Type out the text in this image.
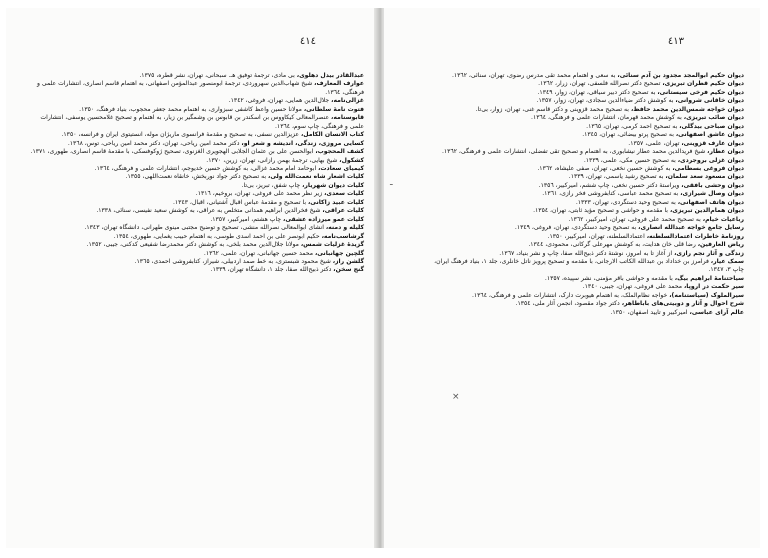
٤١٤

عبدالقادر بیدل دهلوی، بی مادی، ترجمهٔ توفیق هـ. سبحانی، تهران، نشر قطره، ١٣٧٥.

عوارف المعارف، شیخ شهاب‌الدین سهروردی، ترجمهٔ ابومنصور عبدالمؤمن اصفهانی، به اهتمام قاسم انصاری، انتشارات علمی و فرهنگی، ١٣٦٤.

غزالی‌نامه، جلال‌الدین همایی، تهران، فروغی، ١٣٤٢.

فتوت نامهٔ سلطانی، مولانا حسین واعظ کاشفی سبزواری، به اهتمام محمد جعفر محجوب، بنیاد فرهنگ، ١٣٥٠.

قابوسنامه، عنصرالمعالی کیکاووس بن اسکندر بن قابوس بن وشمگیر بن زیار، به اهتمام و تصحیح غلامحسین یوسفی، انتشارات علمی و فرهنگی، چاپ سوم، ١٣٦٤.

کتاب الانسان الکامل، عزیزالدین نسفی، به تصحیح و مقدمهٔ فرانسوی ماریژان موله، انستیتوی ایران و فرانسه، ١٣٥٠.

کسایی مروزی، زندگی، اندیشه و شعر او، دکتر محمد امین ریاحی، تهران، دکتر محمد امین ریاحی، توس، ١٣٦٨.

کشف المحجوب، ابوالحسن علی بن عثمان الجلابی الهجویری الغزنوی، تصحیح ژوکوفسکی، با مقدمهٔ قاسم انصاری، طهوری، ١٣٧١.

کشکول، شیخ بهایی، ترجمهٔ بهمن رازانی، تهران، زرین، ١٣٧٠.

کیمیای سعادت، ابوحامد امام محمد غزالی، به کوشش حسین خدیوجم، انتشارات علمی و فرهنگی، ١٣٦٤.

کلیات اشعار شاه نعمت‌الله ولی، به تصحیح دکتر جواد نوربخش، خانقاه نعمت‌اللهی، ١٣٥٥.

کلیات دیوان شهریار، چاپ شفق، تبریز، بی‌تا.

کلیات سعدی، زیر نظر محمد علی فروغی، تهران، بروخیم، ١٣١٦.

کلیات عبید زاکانی، با تصحیح و مقدمهٔ عباس اقبال آشتیانی، اقبال، ١٣٤٣.

کلیات عراقی، شیخ فخرالدین ابراهیم همدانی متخلص به عراقی، به کوشش سعید نفیسی، سنائی، ١٣٣٨.

کلیات عمو میرزاده عشقی، چاپ هشتم، امیرکبیر، ١٣٥٧.

کلیله و دمنه، انشای ابوالمعالی نصرالله منشی، تصحیح و توضیح مجتبی مینوی طهرانی، دانشگاه تهران، ١٣٤٣.

گرشاسب‌نامه، حکیم ابونصر علی بن احمد اسدی طوسی، به اهتمام حبیب یغمایی، طهوری، ١٣٥٤.

گزیدهٔ غزلیات شمس، مولانا جلال‌الدین محمد بلخی، به کوشش دکتر محمدرضا شفیعی کدکنی، جیبی، ١٣٥٢.

گلچین جهانبانی، محمد حسین جهانبانی، تهران، علمی، ١٣٦٢.

گلشن راز، شیخ محمود شبستری، به خط صمد اردبیلی، شیراز، کتابفروشی احمدی، ١٣٦٥.

گنج سخن، دکتر ذبیح‌الله صفا، جلد ١، دانشگاه تهران، ١٣٣٩.

٤١٣

دیوان حکیم ابوالمجد مجدود بن آدم سنائی، به سعی و اهتمام محمد تقی مدرس رضوی، تهران، سنائی، ١٣٦٢.

دیوان حکیم قطران تبریزی، تصحیح دکتر نصرالله فلسفی، تهران، زرار، ١٣٦٢.

دیوان حکیم فرخی سیستانی، به تصحیح دکتر دبیر سیاقی، تهران، زوار، ١٣٤٩.

دیوان خاقانی شروانی، به کوشش دکتر ضیاءالدین سجادی، تهران، زوار، ١٣٥٧.

دیوان خواجه شمس‌الدین محمد حافظ، به تصحیح محمد قزوینی و دکتر قاسم غنی، تهران، زوار، بی‌تا.

دیوان صائب تبریزی، به کوشش محمد قهرمان، انتشارات علمی و فرهنگی، ١٣٦٤.

دیوان صباحی بیدگلی، به تصحیح احمد کرمی، تهران، ١٣٦٥.

دیوان عاشق اصفهانی، به تصحیح پرتو بیضائی، تهران، ١٣٤٥.

دیوان عارف قزوینی، تهران، علمی، ١٣٥٧.

دیوان عطار، شیخ فریدالدین محمد عطار نیشابوری، به اهتمام و تصحیح تقی تفضلی، انتشارات علمی و فرهنگی، ١٣٦٢.

دیوان غزلی بروجردی، به تصحیح حسین مکی، علمی، ١٣٣٩.

دیوان فروغی بسطامی، به کوشش حسین نخعی، تهران، صفی علیشاه، ١٣٦٢.

دیوان مسعود سعد سلمان، به تصحیح رشید یاسمی، تهران، ١٣٣٩.

دیوان وحشی بافقی، ویراستهٔ دکتر حسین نخعی، چاپ ششم، امیرکبیر، ١٣٥٦.

دیوان وصال شیرازی، به تصحیح محمد عباسی، کتابفروشی فخر رازی، ١٣٦١.

دیوان هاتف اصفهانی، به تصحیح وحید دستگردی، تهران، ١٣٣٣.

دیوان همام‌الدین تبریزی، با مقدمه و حواشی و تصحیح مؤید ثابتی، تهران، ١٣٥٤.

رباعیات خیام، به تصحیح محمد علی فروغی، تهران، امیرکبیر، ١٣٦٢.

رسایل جامع خواجه عبدالله انصاری، به تصحیح وحید دستگردی، تهران، فروغی، ١٣٤٩.

روزنامهٔ خاطرات اعتمادالسلطنه، اعتمادالسلطنه، تهران، امیرکبیر، ١٣٥٠.

ریاض العارفین، رضا قلی خان هدایت، به کوشش مهرعلی گرکانی، محمودی، ١٣٤٤.

زندگی و آثار نجم رازی، از آغاز تا به امروز، نوشتهٔ دکتر ذبیح‌الله صفا، چاپ و نشر بنیاد، ١٣٦٧.

سمک عیار، فرامرز بن خداداد بن عبدالله الکاتب الارجانی، با مقدمه و تصحیح پرویز ناتل خانلری، جلد ١، بنیاد فرهنگ ایران، چاپ ٣، ١٣٤٧.

سیاحتنامهٔ ابراهیم بیگ، با مقدمه و حواشی باقر مؤمنی، نشر سپیده، ١٣٥٧.

سیر حکمت در اروپا، محمد علی فروغی، تهران، جیبی، ١٣٤٠.

سیرالملوک (سیاستنامه)، خواجه نظام‌الملک، به اهتمام هیوبرت دارک، انتشارات علمی و فرهنگی، ١٣٦٤.

شرح احوال و آثار و دوبیتی‌های باباطاهر، دکتر جواد مقصود، انجمن آثار ملی، ١٣٥٤.

عالم آرای عباسی، امیرکبیر و تایید اصفهان، ١٣٥٠.

ـ
×
